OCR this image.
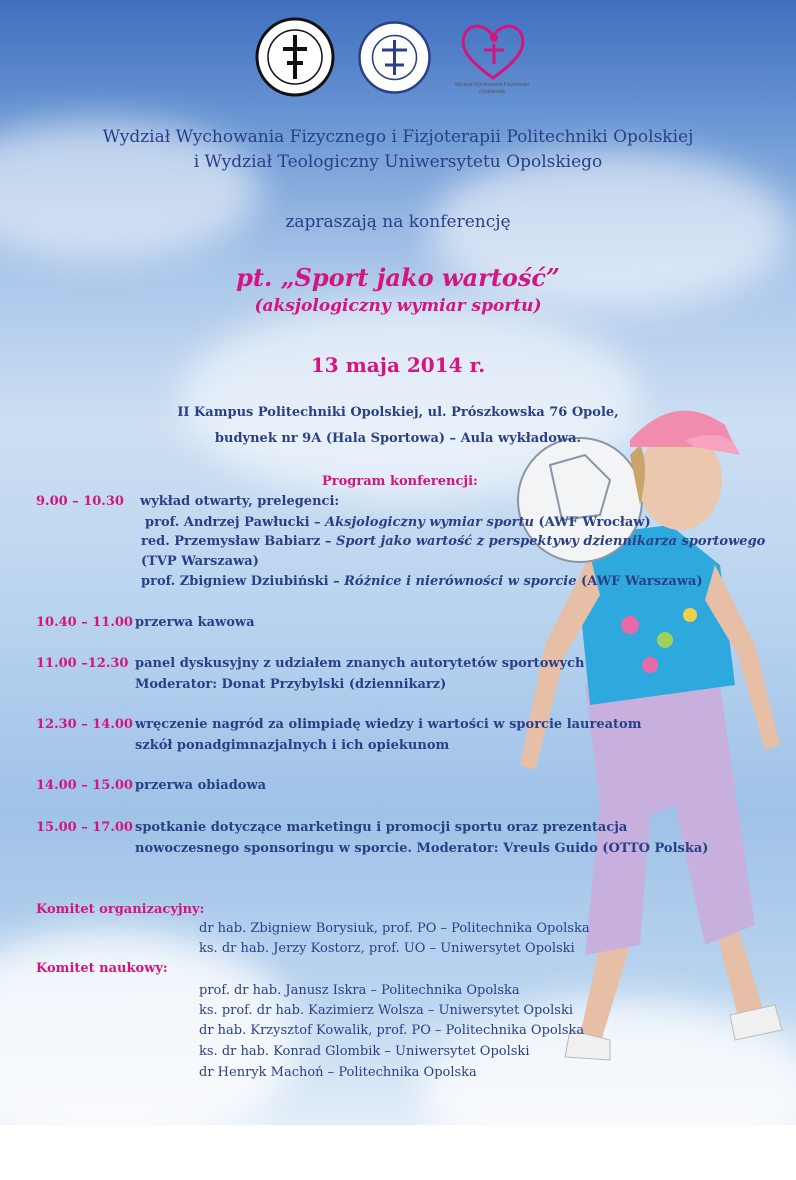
Wydział Wychowania Fizycznego
i Fizjoterapii
Wydział Wychowania Fizycznego i Fizjoterapii Politechniki Opolskiej
i Wydział Teologiczny Uniwersytetu Opolskiego
zapraszają na konferencję
pt. „Sport jako wartość”
(aksjologiczny wymiar sportu)
13 maja 2014 r.
II Kampus Politechniki Opolskiej, ul. Prószkowska 76 Opole,
budynek nr 9A (Hala Sportowa) – Aula wykładowa.
Program konferencji:
9.00 – 10.30 wykład otwarty, prelegenci:
prof. Andrzej Pawłucki – Aksjologiczny wymiar sportu (AWF Wrocław)
red. Przemysław Babiarz – Sport jako wartość z perspektywy dziennikarza sportowego
(TVP Warszawa)
prof. Zbigniew Dziubiński – Różnice i nierówności w sporcie (AWF Warszawa)
10.40 – 11.00 przerwa kawowa
11.00 –12.30 panel dyskusyjny z udziałem znanych autorytetów sportowych
Moderator: Donat Przybylski (dziennikarz)
12.30 – 14.00 wręczenie nagród za olimpiadę wiedzy i wartości w sporcie laureatom
szkół ponadgimnazjalnych i ich opiekunom
14.00 – 15.00 przerwa obiadowa
15.00 – 17.00 spotkanie dotyczące marketingu i promocji sportu oraz prezentacja
nowoczesnego sponsoringu w sporcie. Moderator: Vreuls Guido (OTTO Polska)
Komitet organizacyjny:
dr hab. Zbigniew Borysiuk, prof. PO – Politechnika Opolska
ks. dr hab. Jerzy Kostorz, prof. UO – Uniwersytet Opolski
Komitet naukowy:
prof. dr hab. Janusz Iskra – Politechnika Opolska
ks. prof. dr hab. Kazimierz Wolsza – Uniwersytet Opolski
dr hab. Krzysztof Kowalik, prof. PO – Politechnika Opolska
ks. dr hab. Konrad Glombik – Uniwersytet Opolski
dr Henryk Machoń – Politechnika Opolska
